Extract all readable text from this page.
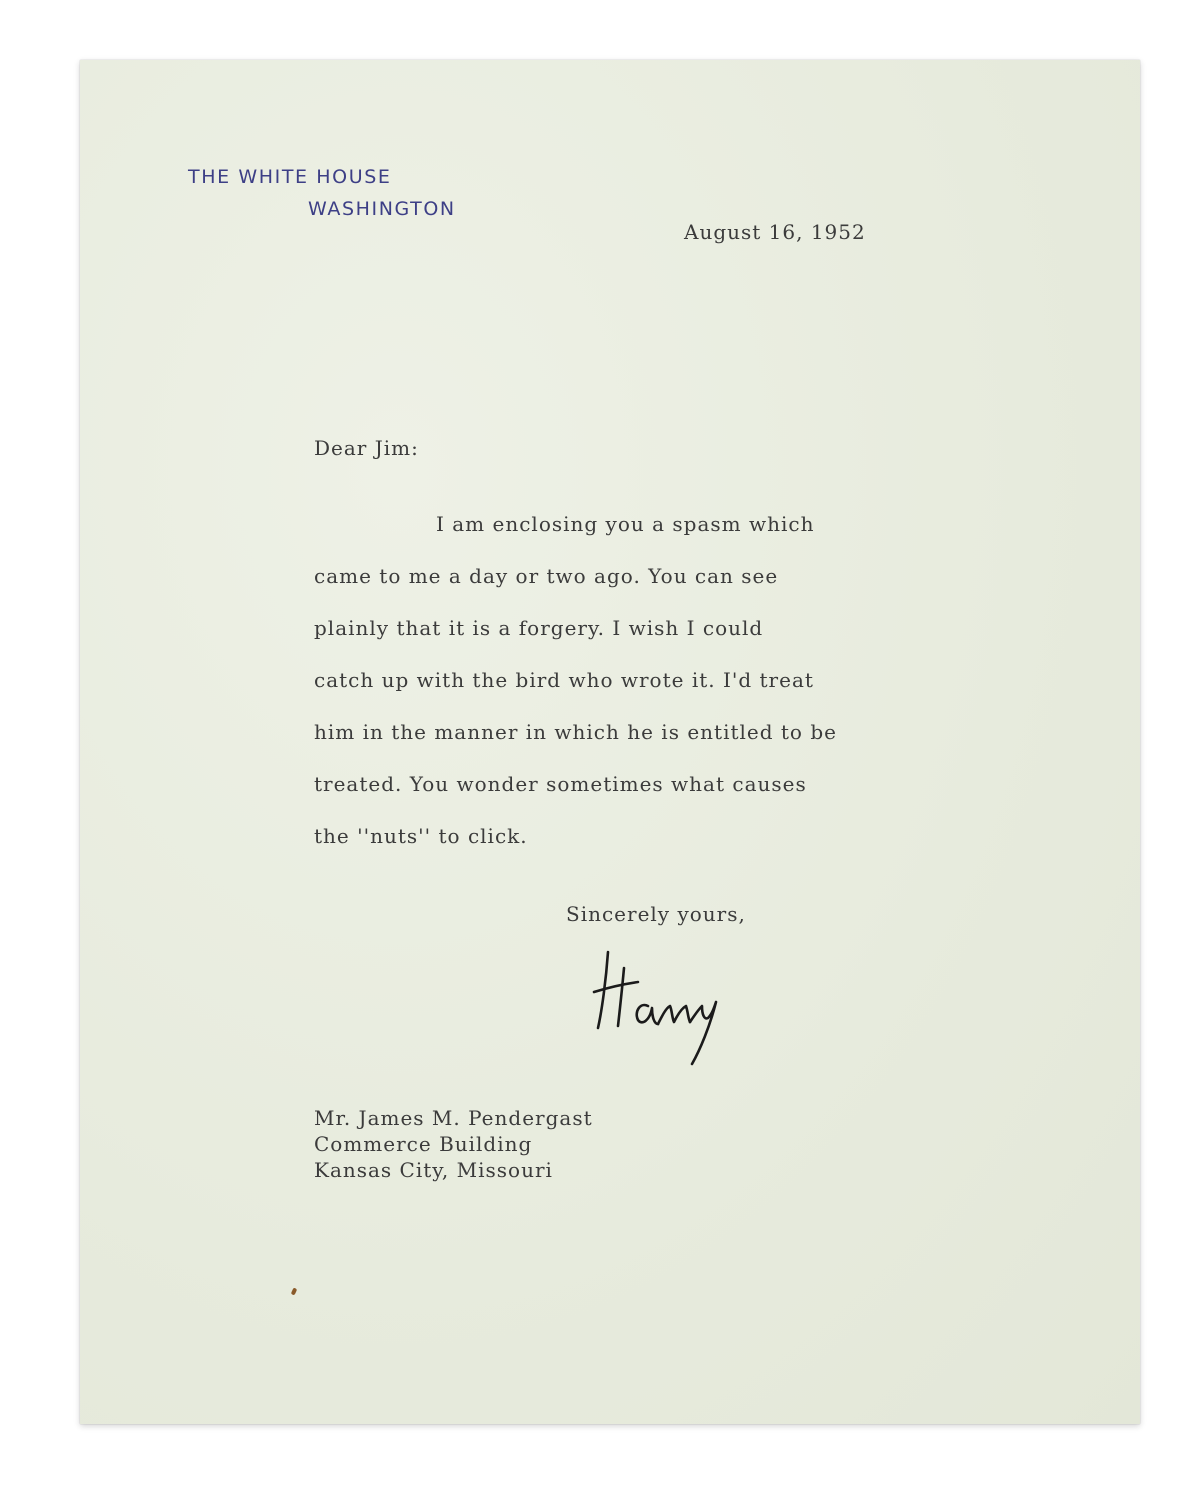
THE WHITE HOUSE
WASHINGTON
August 16, 1952
Dear Jim:
I am enclosing you a spasm which
came to me a day or two ago. You can see
plainly that it is a forgery. I wish I could
catch up with the bird who wrote it. I'd treat
him in the manner in which he is entitled to be
treated. You wonder sometimes what causes
the ''nuts'' to click.
Sincerely yours,
Mr. James M. Pendergast
Commerce Building
Kansas City, Missouri
